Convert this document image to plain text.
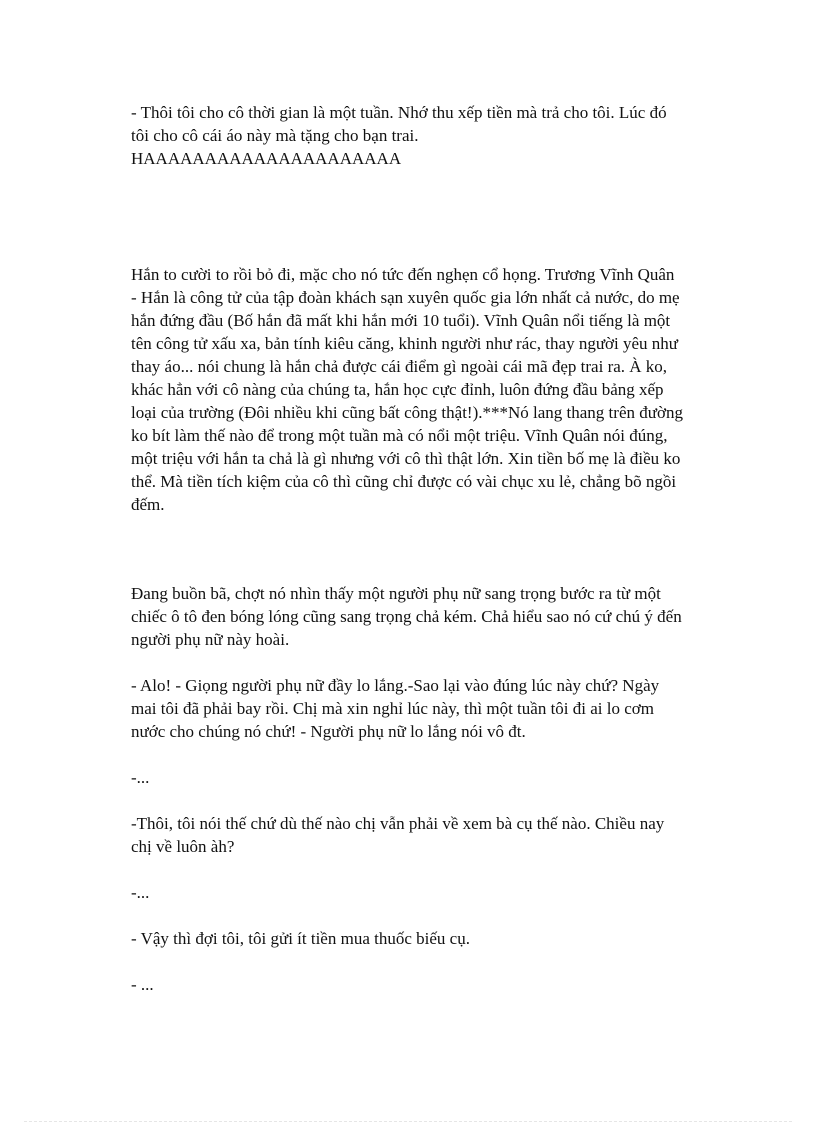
- Thôi tôi cho cô thời gian là một tuần. Nhớ thu xếp tiền mà trả cho tôi. Lúc đó
tôi cho cô cái áo này mà tặng cho bạn trai.
HAAAAAAAAAAAAAAAAAAAAA

Hắn to cười to rồi bỏ đi, mặc cho nó tức đến nghẹn cổ họng. Trương Vĩnh Quân
- Hắn là công tử của tập đoàn khách sạn xuyên quốc gia lớn nhất cả nước, do mẹ
hắn đứng đầu (Bố hắn đã mất khi hắn mới 10 tuổi). Vĩnh Quân nổi tiếng là một
tên công tử xấu xa, bản tính kiêu căng, khinh người như rác, thay người yêu như
thay áo... nói chung là hắn chả được cái điểm gì ngoài cái mã đẹp trai ra. À ko,
khác hẳn với cô nàng của chúng ta, hắn học cực đỉnh, luôn đứng đầu bảng xếp
loại của trường (Đôi nhiều khi cũng bất công thật!).***Nó lang thang trên đường
ko bít làm thế nào để trong một tuần mà có nổi một triệu. Vĩnh Quân nói đúng,
một triệu với hắn ta chả là gì nhưng với cô thì thật lớn. Xin tiền bố mẹ là điều ko
thể. Mà tiền tích kiệm của cô thì cũng chỉ được có vài chục xu lẻ, chẳng bõ ngồi
đếm.

Đang buồn bã, chợt nó nhìn thấy một người phụ nữ sang trọng bước ra từ một
chiếc ô tô đen bóng lóng cũng sang trọng chả kém. Chả hiểu sao nó cứ chú ý đến
người phụ nữ này hoài.

- Alo! - Giọng người phụ nữ đầy lo lắng.-Sao lại vào đúng lúc này chứ? Ngày
mai tôi đã phải bay rồi. Chị mà xin nghỉ lúc này, thì một tuần tôi đi ai lo cơm
nước cho chúng nó chứ! - Người phụ nữ lo lắng nói vô đt.

-...

-Thôi, tôi nói thế chứ dù thế nào chị vẫn phải về xem bà cụ thế nào. Chiều nay
chị về luôn àh?

-...

- Vậy thì đợi tôi, tôi gửi ít tiền mua thuốc biếu cụ.

- ...
